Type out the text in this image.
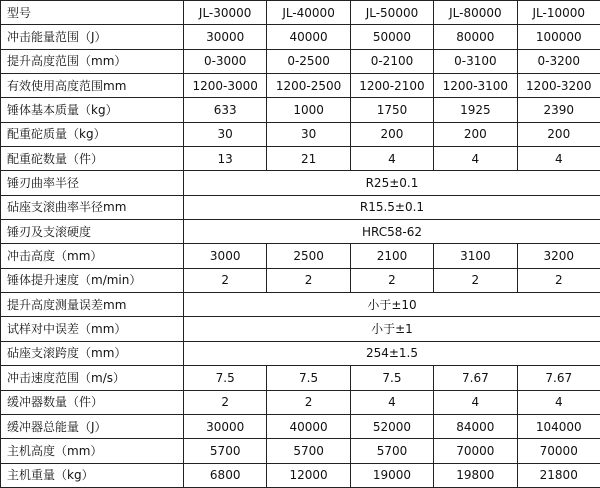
型号	JL-30000	JL-40000	JL-50000	JL-80000	JL-10000
冲击能量范围（J）	30000	40000	50000	80000	100000
提升高度范围（mm）	0-3000	0-2500	0-2100	0-3100	0-3200
有效使用高度范围mm	1200-3000	1200-2500	1200-2100	1200-3100	1200-3200
锤体基本质量（kg）	633	1000	1750	1925	2390
配重砣质量（kg）	30	30	200	200	200
配重砣数量（件）	13	21	4	4	4
锤刃曲率半径	R25±0.1				
砧座支滚曲率半径mm	R15.5±0.1				
锤刃及支滚硬度	HRC58-62				
冲击高度（mm）	3000	2500	2100	3100	3200
锤体提升速度（m/min）	2	2	2	2	2
提升高度测量误差mm	小于±10				
试样对中误差（mm）	小于±1				
砧座支滚跨度（mm）	254±1.5				
冲击速度范围（m/s）	7.5	7.5	7.5	7.67	7.67
缓冲器数量（件）	2	2	4	4	4
缓冲器总能量（J）	30000	40000	52000	84000	104000
主机高度（mm）	5700	5700	5700	70000	70000
主机重量（kg）	6800	12000	19000	19800	21800
